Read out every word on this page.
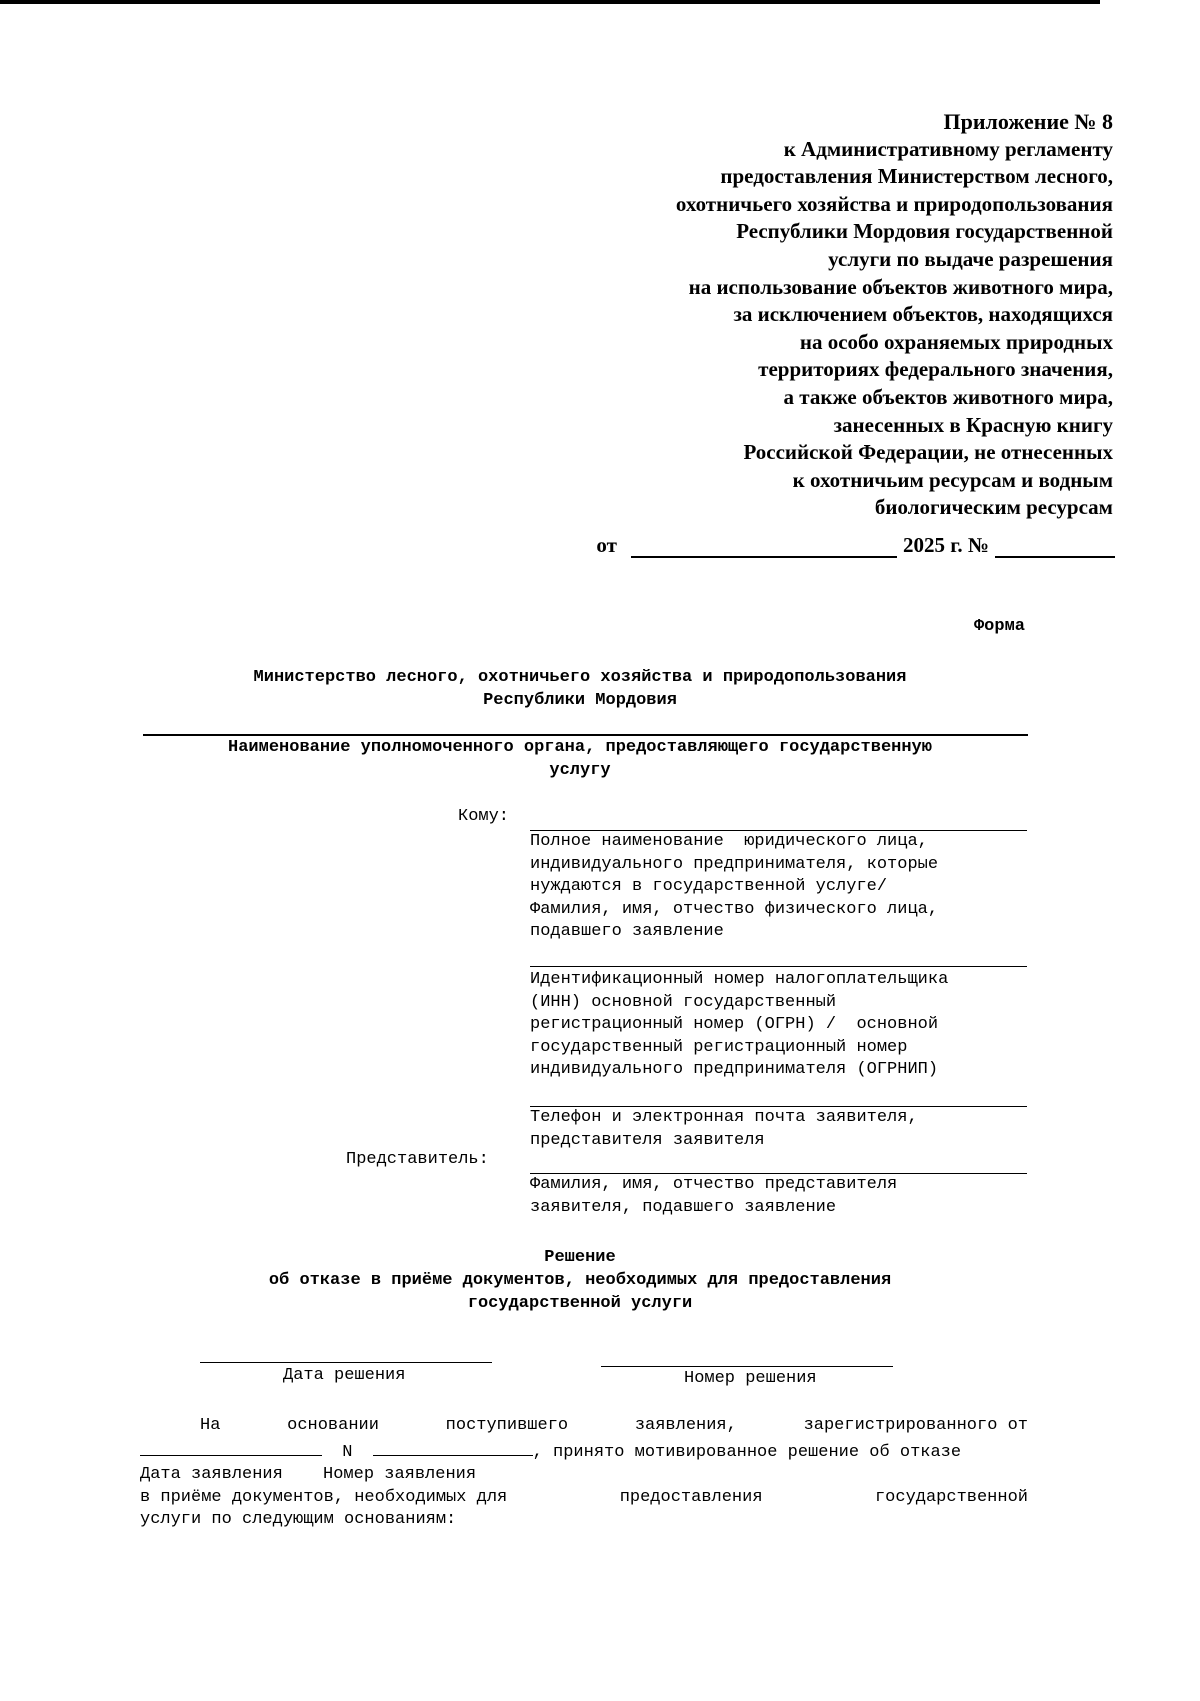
Приложение № 8
к Административному регламенту
предоставления Министерством лесного,
охотничьего хозяйства и природопользования
Республики Мордовия государственной
услуги по выдаче разрешения
на использование объектов животного мира,
за исключением объектов, находящихся
на особо охраняемых природных
территориях федерального значения,
а также объектов животного мира,
занесенных в Красную книгу
Российской Федерации, не отнесенных
к охотничьим ресурсам и водным
биологическим ресурсам
от	2025 г. №
Форма
Министерство лесного, охотничьего хозяйства и природопользования
Республики Мордовия
Наименование уполномоченного органа, предоставляющего государственную
услугу
Кому:
Полное наименование  юридического лица,
индивидуального предпринимателя, которые
нуждаются в государственной услуге/
Фамилия, имя, отчество физического лица,
подавшего заявление
Идентификационный номер налогоплательщика
(ИНН) основной государственный
регистрационный номер (ОГРН) /  основной
государственный регистрационный номер
индивидуального предпринимателя (ОГРНИП)
Телефон и электронная почта заявителя,
представителя заявителя
Представитель:
Фамилия, имя, отчество представителя
заявителя, подавшего заявление
Решение
об отказе в приёме документов, необходимых для предоставления
государственной услуги
Дата решения	Номер решения
На	основании	поступившего	заявления,	зарегистрированного от
N	, принято мотивированное решение об отказе
Дата заявления Номер заявления
в приёме документов, необходимых для	предоставления	государственной
услуги по следующим основаниям:
